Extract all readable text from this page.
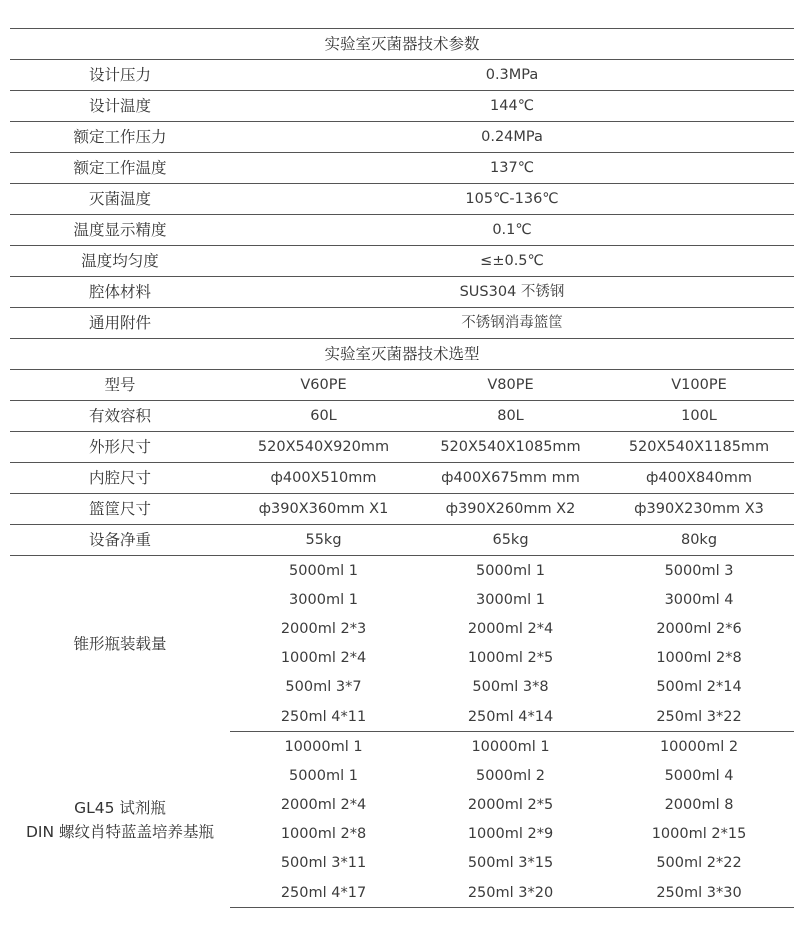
实验室灭菌器技术参数			
设计压力	0.3MPa		
设计温度	144℃		
额定工作压力	0.24MPa		
额定工作温度	137℃		
灭菌温度	105℃-136℃		
温度显示精度	0.1℃		
温度均匀度	≤±0.5℃		
腔体材料	SUS304 不锈钢		
通用附件	不锈钢消毒篮筐		
实验室灭菌器技术选型			
型号	V60PE	V80PE	V100PE
有效容积	60L	80L	100L
外形尺寸	520X540X920mm	520X540X1085mm	520X540X1185mm
内腔尺寸	ф400X510mm	ф400X675mm mm	ф400X840mm
篮筐尺寸	ф390X360mm X1	ф390X260mm X2	ф390X230mm X3
设备净重	55kg	65kg	80kg
锥形瓶装载量	5000ml 1	5000ml 1	5000ml 3
	3000ml 1	3000ml 1	3000ml 4
	2000ml 2*3	2000ml 2*4	2000ml 2*6
	1000ml 2*4	1000ml 2*5	1000ml 2*8
	500ml 3*7	500ml 3*8	500ml 2*14
	250ml 4*11	250ml 4*14	250ml 3*22

GL45 试剂瓶
DIN 螺纹肖特蓝盖培养基瓶	10000ml 1	10000ml 1	10000ml 2
	5000ml 1	5000ml 2	5000ml 4
	2000ml 2*4	2000ml 2*5	2000ml 8
	1000ml 2*8	1000ml 2*9	1000ml 2*15
	500ml 3*11	500ml 3*15	500ml 2*22
	250ml 4*17	250ml 3*20	250ml 3*30
